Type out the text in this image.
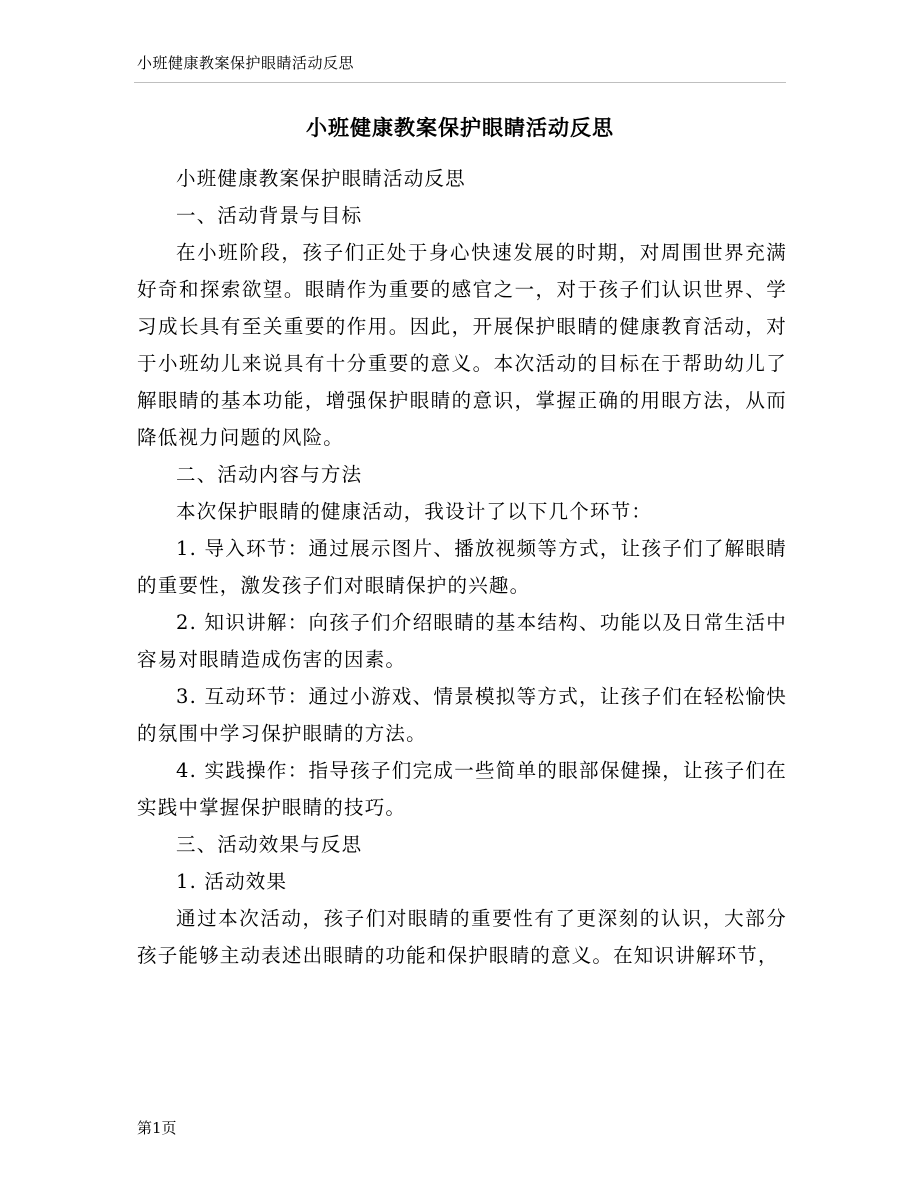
小班健康教案保护眼睛活动反思
小班健康教案保护眼睛活动反思

小班健康教案保护眼睛活动反思

一、活动背景与目标

在小班阶段，孩子们正处于身心快速发展的时期，对周围世界充满好奇和探索欲望。眼睛作为重要的感官之一，对于孩子们认识世界、学习成长具有至关重要的作用。因此，开展保护眼睛的健康教育活动，对于小班幼儿来说具有十分重要的意义。本次活动的目标在于帮助幼儿了解眼睛的基本功能，增强保护眼睛的意识，掌握正确的用眼方法，从而降低视力问题的风险。

二、活动内容与方法

本次保护眼睛的健康活动，我设计了以下几个环节：

1. 导入环节：通过展示图片、播放视频等方式，让孩子们了解眼睛的重要性，激发孩子们对眼睛保护的兴趣。

2. 知识讲解：向孩子们介绍眼睛的基本结构、功能以及日常生活中容易对眼睛造成伤害的因素。

3. 互动环节：通过小游戏、情景模拟等方式，让孩子们在轻松愉快的氛围中学习保护眼睛的方法。

4. 实践操作：指导孩子们完成一些简单的眼部保健操，让孩子们在实践中掌握保护眼睛的技巧。

三、活动效果与反思

1. 活动效果

通过本次活动，孩子们对眼睛的重要性有了更深刻的认识，大部分孩子能够主动表述出眼睛的功能和保护眼睛的意义。在知识讲解环节，

第1页
